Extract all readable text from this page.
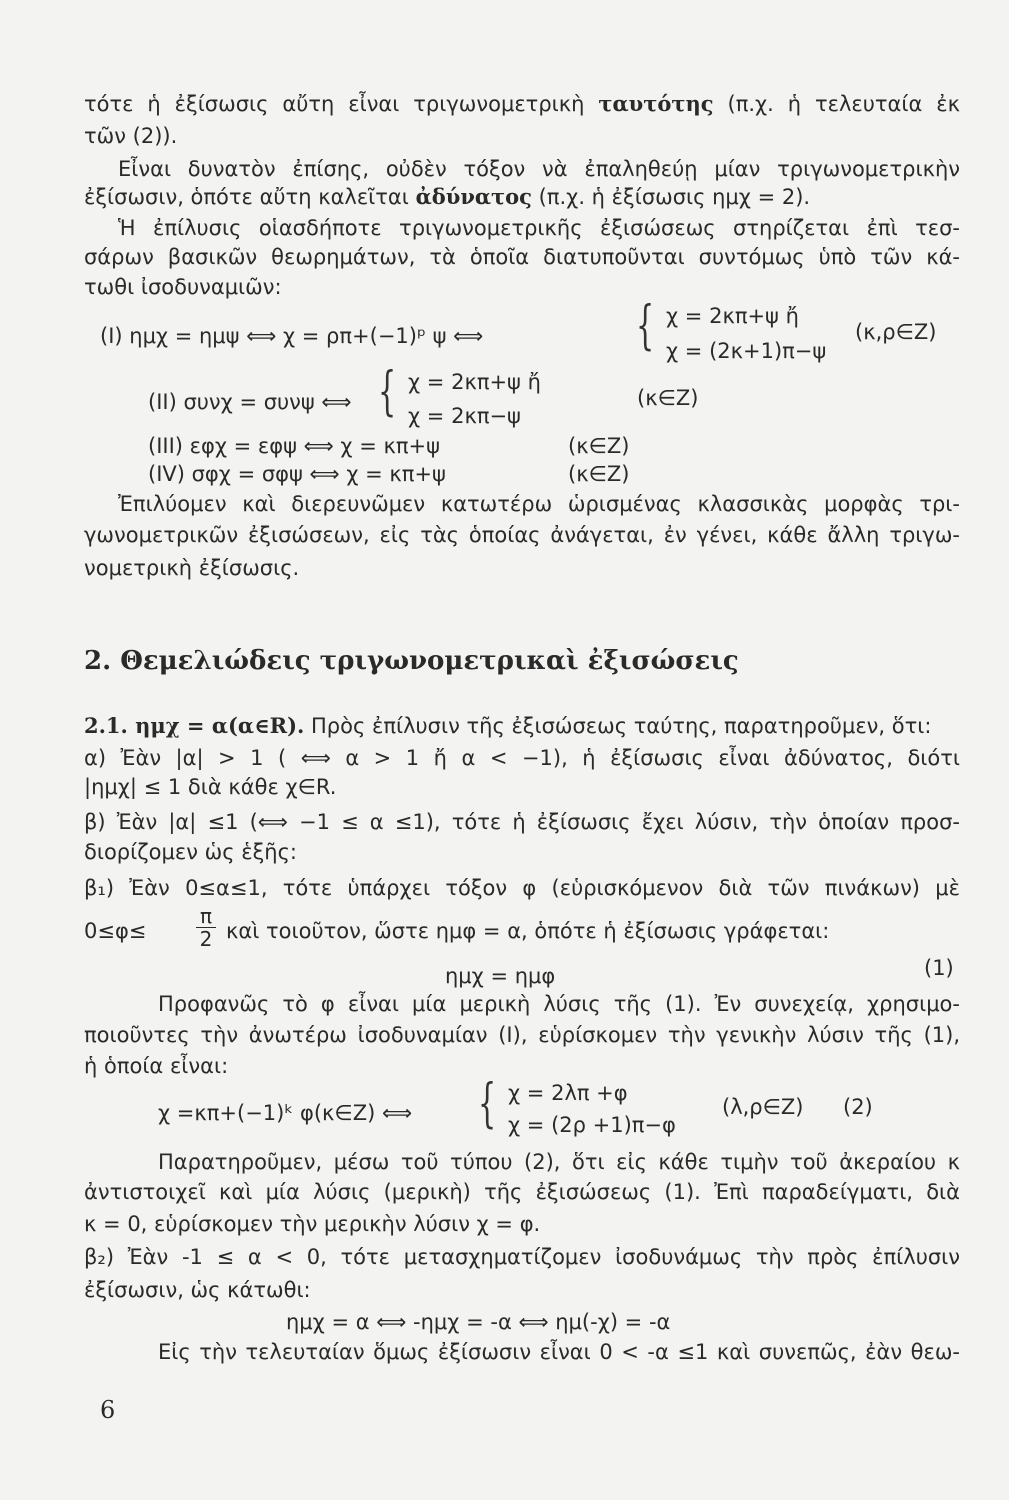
τότε ἡ ἐξίσωσις αὔτη εἶναι τριγωνομετρικὴ ταυτότης (π.χ. ἡ τελευταία ἐκ
τῶν (2)).
Εἶναι δυνατὸν ἐπίσης, οὐδὲν τόξον νὰ ἐπαληθεύῃ μίαν τριγωνομετρικὴν
ἐξίσωσιν, ὁπότε αὔτη καλεῖται ἀδύνατος (π.χ. ἡ ἐξίσωσις ημχ = 2).
Ἡ ἐπίλυσις οἱασδήποτε τριγωνομετρικῆς ἐξισώσεως στηρίζεται ἐπὶ τεσ-
σάρων βασικῶν θεωρημάτων, τὰ ὁποῖα διατυποῦνται συντόμως ὑπὸ τῶν κά-
τωθι ἰσοδυναμιῶν:
(I) ημχ = ημψ ⟺ χ = ρπ+(−1)ᵖ ψ ⟺	{ χ = 2κπ+ψ ἤ
χ = (2κ+1)π−ψ
(κ,ρ∈Z)
(II) συνχ = συνψ ⟺ { χ = 2κπ+ψ ἤ
χ = 2κπ−ψ
(κ∈Z)
(III) εφχ = εφψ ⟺ χ = κπ+ψ	(κ∈Z)
(IV) σφχ = σφψ ⟺ χ = κπ+ψ	(κ∈Z)
Ἐπιλύομεν καὶ διερευνῶμεν κατωτέρω ὡρισμένας κλασσικὰς μορφὰς τρι-
γωνομετρικῶν ἐξισώσεων, εἰς τὰς ὁποίας ἀνάγεται, ἐν γένει, κάθε ἄλλη τριγω-
νομετρικὴ ἐξίσωσις.
2. Θεμελιώδεις τριγωνομετρικαὶ ἐξισώσεις
2.1. ημχ = α(α∈R). Πρὸς ἐπίλυσιν τῆς ἐξισώσεως ταύτης, παρατηροῦμεν, ὅτι:
α) Ἐὰν |α| > 1 ( ⟺ α > 1 ἤ α < −1), ἡ ἐξίσωσις εἶναι ἀδύνατος, διότι
|ημχ| ≤ 1 διὰ κάθε χ∈R.
β) Ἐὰν |α| ≤1 (⟺ −1 ≤ α ≤1), τότε ἡ ἐξίσωσις ἔχει λύσιν, τὴν ὁποίαν προσ-
διορίζομεν ὡς ἑξῆς:
β₁) Ἐὰν 0≤α≤1, τότε ὑπάρχει τόξον φ (εὑρισκόμενον διὰ τῶν πινάκων) μὲ
$0\le\varphi\le \frac{\pi}{2}$ καὶ τοιοῦτον, ὥστε ημφ = α, ὁπότε ἡ ἐξίσωσις γράφεται:
ημχ = ημφ	(1)
Προφανῶς τὸ φ εἶναι μία μερικὴ λύσις τῆς (1). Ἐν συνεχείᾳ, χρησιμο-
ποιοῦντες τὴν ἀνωτέρω ἰσοδυναμίαν (I), εὑρίσκομεν τὴν γενικὴν λύσιν τῆς (1),
ἡ ὁποία εἶναι:
χ =κπ+(−1)ᵏ φ(κ∈Z) ⟺ { χ = 2λπ +φ
χ = (2ρ +1)π−φ
(λ,ρ∈Z) (2)
Παρατηροῦμεν, μέσω τοῦ τύπου (2), ὅτι εἰς κάθε τιμὴν τοῦ ἀκεραίου κ
ἀντιστοιχεῖ καὶ μία λύσις (μερικὴ) τῆς ἐξισώσεως (1). Ἐπὶ παραδείγματι, διὰ
κ = 0, εὑρίσκομεν τὴν μερικὴν λύσιν χ = φ.
β₂) Ἐὰν -1 ≤ α < 0, τότε μετασχηματίζομεν ἰσοδυνάμως τὴν πρὸς ἐπίλυσιν
ἐξίσωσιν, ὡς κάτωθι:
ημχ = α ⟺ -ημχ = -α ⟺ ημ(-χ) = -α
Εἰς τὴν τελευταίαν ὅμως ἐξίσωσιν εἶναι 0 < -α ≤1 καὶ συνεπῶς, ἐὰν θεω-
6
